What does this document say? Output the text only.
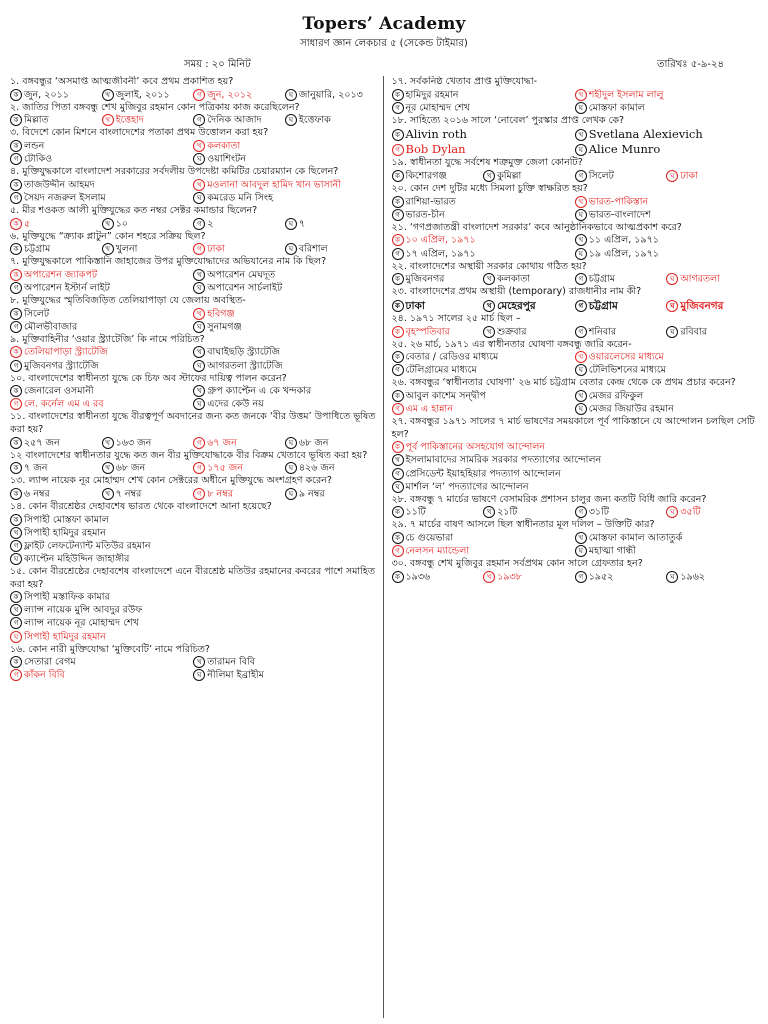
Topers’ Academy
সাধারণ জ্ঞান লেকচার ৫ (সেকেন্ড টাইমার)
সময় : ২০ মিনিট	তারিখঃ ৫-৯-২৪
১. বঙ্গবন্ধুর ‘অসমাপ্ত আত্মজীবনী’ কবে প্রথম প্রকাশিত হয়?
ক জুন, ২০১১	খ জুলাই, ২০১১	গ জুন, ২০১২	ঘ জানুয়ারি, ২০১৩
২. জাতির পিতা বঙ্গবন্ধু শেখ মুজিবুর রহমান কোন পত্রিকায় কাজ করেছিলেন?
ক মিল্লাত	খ ইত্তেহাদ	গ দৈনিক আজাদ	ঘ ইত্তেফাক
৩. বিদেশে কোন মিশনে বাংলাদেশের পতাকা প্রথম উত্তোলন করা হয়?
ক লন্ডন	খ কলকাতা
গ টোকিও	ঘ ওয়াশিংটন
৪. মুক্তিযুদ্ধকালে বাংলাদেশ সরকারের সর্বদলীয় উপদেষ্টা কমিটির চেয়ারম্যান কে ছিলেন?
ক তাজউদ্দীন আহমদ	খ মওলানা আবদুল হামিদ খান ভাসানী
গ সৈয়দ নজরুল ইসলাম	ঘ কমরেড মনি সিংহ
৫. মীর শওকত আলী মুক্তিযুদ্ধের কত নম্বর সেক্টর কমান্ডার ছিলেন?
ক ৫	খ ১০	গ ২	ঘ ৭
৬. মুক্তিযুদ্ধে “ক্র্যাক প্লাটুন” কোন শহরে সক্রিয় ছিল?
ক চট্টগ্রাম	খ খুলনা	গ ঢাকা	ঘ বরিশাল
৭. মুক্তিযুদ্ধকালে পাকিস্তানি জাহাজের উপর মুক্তিযোদ্ধাদের অভিযানের নাম কি ছিল?
ক অপারেশন জ্যাকপট	খ অপারেশন মেঘদূত
গ অপারেশন ইস্টার্ন লাইট	ঘ অপারেশন সার্চলাইট
৮. মুক্তিযুদ্ধের স্মৃতিবিজড়িত তেলিয়াপাড়া যে জেলায় অবস্থিত-
ক সিলেট	খ হবিগঞ্জ
গ মৌলভীবাজার	ঘ সুনামগঞ্জ
৯. মুক্তিবাহিনীর ‘ওয়ার স্ট্র্যাটেজি’ কি নামে পরিচিত?
ক তেলিয়াপাড়া স্ট্র্যাটেজি	খ বাঘাইছড়ি স্ট্র্যাটেজি
গ মুজিবনগর স্ট্র্যাটেজি	ঘ আগরতলা স্ট্র্যাটেজি
১০. বাংলাদেশের স্বাধীনতা যুদ্ধে কে চিফ অব স্টাফের দায়িত্ব পালন করেন?
ক জেনারেল ওসমানী	খ গ্রুপ ক্যাপ্টেন এ কে খন্দকার
গ লে. কর্নেল এম এ রব	ঘ এদের কেউ নয়
১১. বাংলাদেশের স্বাধীনতা যুদ্ধে বীরত্বপূর্ণ অবদানের জন্য কত জনকে ‘বীর উত্তম’ উপাধিতে ভূষিত করা হয়?
ক ২৫৭ জন	খ ১৬৩ জন	গ ৬৭ জন	ঘ ৬৮ জন
১২ বাংলাদেশের স্বাধীনতার যুদ্ধে কত জন বীর মুক্তিযোদ্ধাকে বীর বিক্রম খেতাবে ভূষিত করা হয়?
ক ৭ জন	খ ৬৮ জন	গ ১৭৫ জন	ঘ ৪২৬ জন
১৩. ল্যান্স নায়েক নূর মোহাম্মদ শেখ কোন সেক্টরের অধীনে মুক্তিযুদ্ধে অংশগ্রহণ করেন?
ক ৬ নম্বর	খ ৭ নম্বর	গ ৮ নম্বর	ঘ ৯ নম্বর
১৪. কোন বীরশ্রেষ্ঠর দেহাবশেষ ভারত থেকে বাংলাদেশে আনা হয়েছে?
ক সিপাহী মোস্তফা কামাল
খ সিপাহী হামিদুর রহমান
গ ফ্লাইট লেফটেন্যান্ট মতিউর রহমান
ঘ ক্যাপ্টেন মহিউদ্দিন জাহাঙ্গীর
১৫. কোন বীরশ্রেষ্ঠের দেহাবশেষ বাংলাদেশে এনে বীরশ্রেষ্ঠ মতিউর রহমানের কবরের পাশে সমাহিত করা হয়?
ক সিপাহী মস্তাফিক কামার
খ ল্যান্স নায়েক মুন্সি আবদুর রউফ
গ ল্যান্স নায়েক নূর মোহাম্মদ শেখ
ঘ সিপাহী হামিদুর রহমান
১৬. কোন নারী মুক্তিযোদ্ধা ‘মুক্তিবেটি’ নামে পরিচিত?
ক সেতারা বেগম	খ তারামন বিবি
গ কাঁকন বিবি	ঘ নীলিমা ইব্রাহীম
১৭. সর্বকনিষ্ঠ খেতাব প্রাপ্ত মুক্তিযোদ্ধা-
ক হামিদুর রহমান	খ শহীদুল ইসলাম লালু
গ নূর মোহাম্মদ শেখ	ঘ মোস্তফা কামাল
১৮. সাহিত্যে ২০১৬ সালে ‘নোবেল’ পুরস্কার প্রাপ্ত লেখক কে?
ক Alivin roth	খ Svetlana Alexievich
গ Bob Dylan	ঘ Alice Munro
১৯. স্বাধীনতা যুদ্ধে সর্বশেষ শত্রুমুক্ত জেলা কোনটি?
ক কিশোরগঞ্জ	খ কুমিল্লা	গ সিলেট	ঘ ঢাকা
২০. কোন দেশ দুটির মধ্যে সিমলা চুক্তি স্বাক্ষরিত হয়?
ক রাশিয়া-ভারত	খ ভারত-পাকিস্তান
গ ভারত-চীন	ঘ ভারত-বাংলাদেশ
২১. ‘গণপ্রজাতন্ত্রী বাংলাদেশ সরকার’ কবে আনুষ্ঠানিকভাবে আত্মপ্রকাশ করে?
ক ১০ এপ্রিল, ১৯৭১	খ ১১ এপ্রিল, ১৯৭১
গ ১৭ এপ্রিল, ১৯৭১	ঘ ১৯ এপ্রিল, ১৯৭১
২২. বাংলাদেশের অস্থায়ী সরকার কোথায় গঠিত হয়?
ক মুজিবনগর	খ কলকাতা	গ চট্টগ্রাম	ঘ আগরতলা
২৩. বাংলাদেশের প্রথম অস্থায়ী (temporary) রাজধানীর নাম কী?
ক ঢাকা	খ মেহেরপুর	গ চট্টগ্রাম	ঘ মুজিবনগর
২৪. ১৯৭১ সালের ২৫ মার্চ ছিল –
ক বৃহস্পতিবার	খ শুক্রবার	গ শনিবার	ঘ রবিবার
২৫. ২৬ মার্চ, ১৯৭১ এর স্বাধীনতার ঘোষণা বঙ্গবন্ধু জারি করেন-
ক বেতার / রেডিওর মাধ্যমে	খ ওয়ারলেসের মাধ্যমে
গ টেলিগ্রামের মাধ্যমে	ঘ টেলিভিশনের মাধ্যমে
২৬. বঙ্গবন্ধুর ‘স্বাধীনতার ঘোষণা’ ২৬ মার্চ চট্টগ্রাম বেতার কেন্দ্র থেকে কে প্রথম প্রচার করেন?
ক আবুল কাশেম সন্দ্বীপ	খ মেজর রফিকুল
গ এম এ হান্নান	ঘ মেজর জিয়াউর রহমান
২৭. বঙ্গবন্ধুর ১৯৭১ সালের ৭ মার্চ ভাষণের সময়কালে পূর্ব পাকিস্তানে যে আন্দোলন চলছিল সেটি হল?
ক পূর্ব পাকিস্তানের অসহযোগ আন্দোলন
খ ইসলামাবাদের সামরিক সরকার পদত্যাগের আন্দোলন
গ প্রেসিডেন্ট ইয়াহহিয়ার পদত্যাগ আন্দোলন
ঘ মার্শাল ‘ল’ পদত্যাগের আন্দোলন
২৮. বঙ্গবন্ধু ৭ মার্চের ভাষণে বেসামরিক প্রশাসন চালুর জন্য কতটি বিধি জারি করেন?
ক ১১টি	খ ২১টি	গ ৩১টি	ঘ ৩৫টি
২৯. ৭ মার্চের বাষণ আসলে ছিল স্বাধীনতার মূল দলিল – উক্তিটি কার?
ক চে গুয়েভারা	খ মোস্তফা কামাল আতাতুর্ক
গ নেলসন ম্যান্ডেলা	ঘ মহাত্মা গান্ধী
৩০. বঙ্গবন্ধু শেখ মুজিবুর রহমান সর্বপ্রথম কোন সালে গ্রেফতার হন?
ক ১৯৩৬	খ ১৯৩৮	গ ১৯৫২	ঘ ১৯৬২
